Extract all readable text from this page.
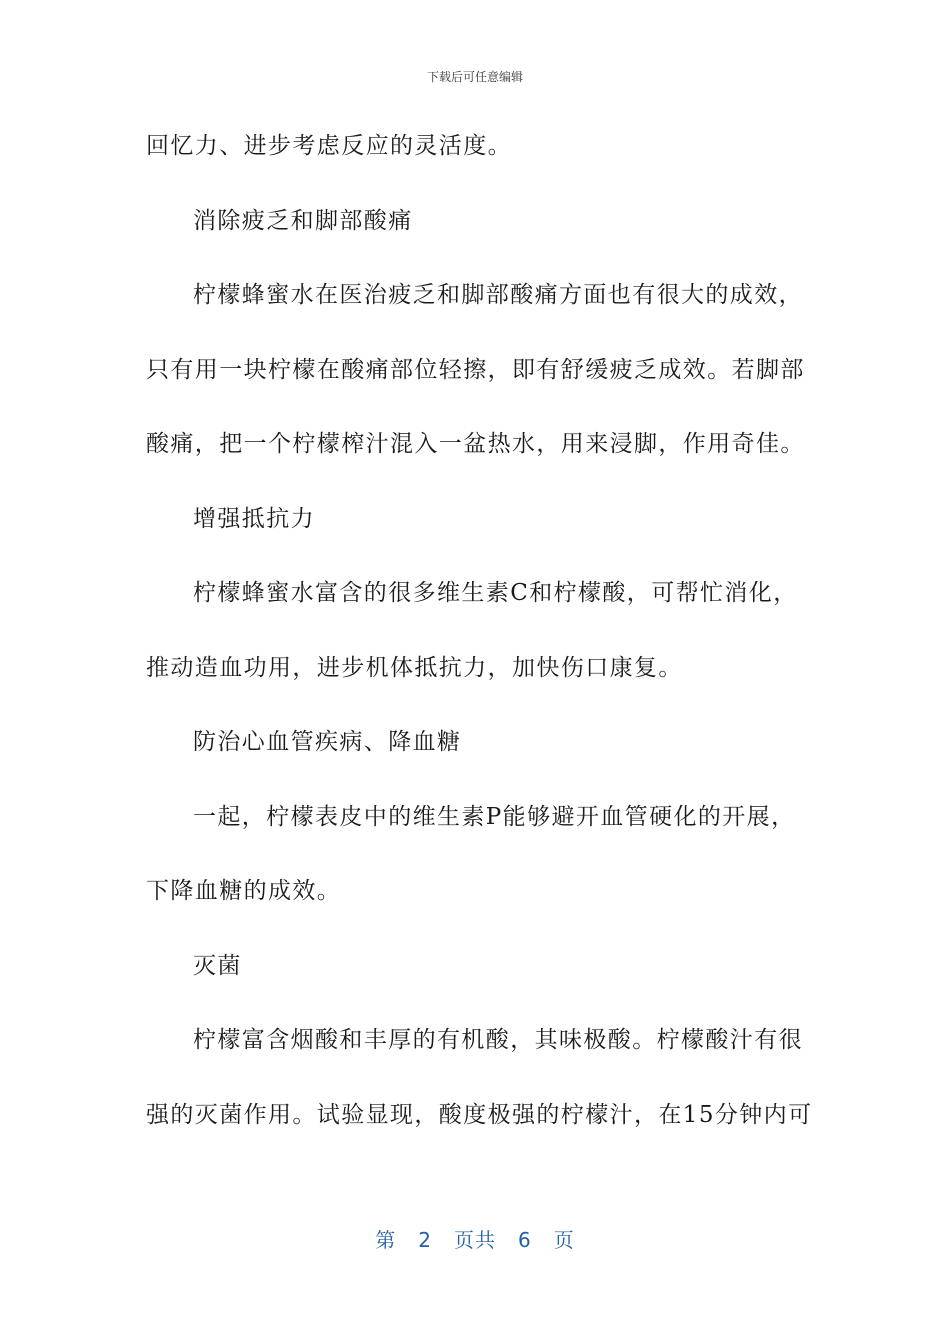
下载后可任意编辑
回忆力、进步考虑反应的灵活度。
消除疲乏和脚部酸痛
柠檬蜂蜜水在医治疲乏和脚部酸痛方面也有很大的成效，
只有用一块柠檬在酸痛部位轻擦，即有舒缓疲乏成效。若脚部
酸痛，把一个柠檬榨汁混入一盆热水，用来浸脚，作用奇佳。
增强抵抗力
柠檬蜂蜜水富含的很多维生素C和柠檬酸，可帮忙消化，
推动造血功用，进步机体抵抗力，加快伤口康复。
防治心血管疾病、降血糖
一起，柠檬表皮中的维生素P能够避开血管硬化的开展，
下降血糖的成效。
灭菌
柠檬富含烟酸和丰厚的有机酸，其味极酸。柠檬酸汁有很
强的灭菌作用。试验显现，酸度极强的柠檬汁，在15分钟内可
第 2 页共 6 页
